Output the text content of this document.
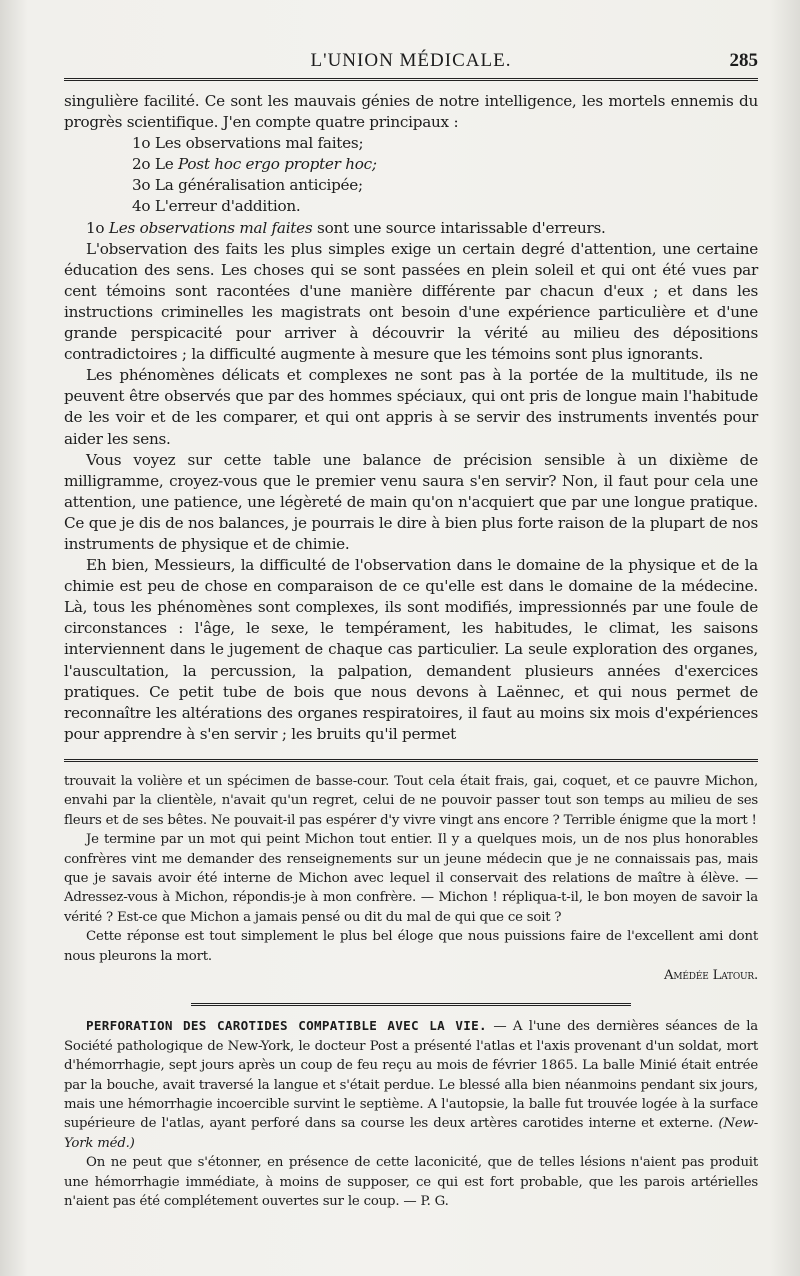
L'UNION MÉDICALE.	285

singulière facilité. Ce sont les mauvais génies de notre intelligence, les mortels ennemis du progrès scientifique. J'en compte quatre principaux :

1o Les observations mal faites;
2o Le Post hoc ergo propter hoc;
3o La généralisation anticipée;
4o L'erreur d'addition.

1o Les observations mal faites sont une source intarissable d'erreurs.

L'observation des faits les plus simples exige un certain degré d'attention, une certaine éducation des sens. Les choses qui se sont passées en plein soleil et qui ont été vues par cent témoins sont racontées d'une manière différente par chacun d'eux ; et dans les instructions criminelles les magistrats ont besoin d'une expérience particulière et d'une grande perspicacité pour arriver à découvrir la vérité au milieu des dépositions contradictoires ; la difficulté augmente à mesure que les témoins sont plus ignorants.

Les phénomènes délicats et complexes ne sont pas à la portée de la multitude, ils ne peuvent être observés que par des hommes spéciaux, qui ont pris de longue main l'habitude de les voir et de les comparer, et qui ont appris à se servir des instruments inventés pour aider les sens.

Vous voyez sur cette table une balance de précision sensible à un dixième de milligramme, croyez-vous que le premier venu saura s'en servir? Non, il faut pour cela une attention, une patience, une légèreté de main qu'on n'acquiert que par une longue pratique. Ce que je dis de nos balances, je pourrais le dire à bien plus forte raison de la plupart de nos instruments de physique et de chimie.

Eh bien, Messieurs, la difficulté de l'observation dans le domaine de la physique et de la chimie est peu de chose en comparaison de ce qu'elle est dans le domaine de la médecine. Là, tous les phénomènes sont complexes, ils sont modifiés, impressionnés par une foule de circonstances : l'âge, le sexe, le tempérament, les habitudes, le climat, les saisons interviennent dans le jugement de chaque cas particulier. La seule exploration des organes, l'auscultation, la percussion, la palpation, demandent plusieurs années d'exercices pratiques. Ce petit tube de bois que nous devons à Laënnec, et qui nous permet de reconnaître les altérations des organes respiratoires, il faut au moins six mois d'expériences pour apprendre à s'en servir ; les bruits qu'il permet

trouvait la volière et un spécimen de basse-cour. Tout cela était frais, gai, coquet, et ce pauvre Michon, envahi par la clientèle, n'avait qu'un regret, celui de ne pouvoir passer tout son temps au milieu de ses fleurs et de ses bêtes. Ne pouvait-il pas espérer d'y vivre vingt ans encore ? Terrible énigme que la mort !

Je termine par un mot qui peint Michon tout entier. Il y a quelques mois, un de nos plus honorables confrères vint me demander des renseignements sur un jeune médecin que je ne connaissais pas, mais que je savais avoir été interne de Michon avec lequel il conservait des relations de maître à élève. — Adressez-vous à Michon, répondis-je à mon confrère. — Michon ! répliqua-t-il, le bon moyen de savoir la vérité ? Est-ce que Michon a jamais pensé ou dit du mal de qui que ce soit ?

Cette réponse est tout simplement le plus bel éloge que nous puissions faire de l'excellent ami dont nous pleurons la mort.

Amédée Latour.

PERFORATION DES CAROTIDES COMPATIBLE AVEC LA VIE. — A l'une des dernières séances de la Société pathologique de New-York, le docteur Post a présenté l'atlas et l'axis provenant d'un soldat, mort d'hémorrhagie, sept jours après un coup de feu reçu au mois de février 1865. La balle Minié était entrée par la bouche, avait traversé la langue et s'était perdue. Le blessé alla bien néanmoins pendant six jours, mais une hémorrhagie incoercible survint le septième. A l'autopsie, la balle fut trouvée logée à la surface supérieure de l'atlas, ayant perforé dans sa course les deux artères carotides interne et externe. (New-York méd.)

On ne peut que s'étonner, en présence de cette laconicité, que de telles lésions n'aient pas produit une hémorrhagie immédiate, à moins de supposer, ce qui est fort probable, que les parois artérielles n'aient pas été complétement ouvertes sur le coup. — P. G.
